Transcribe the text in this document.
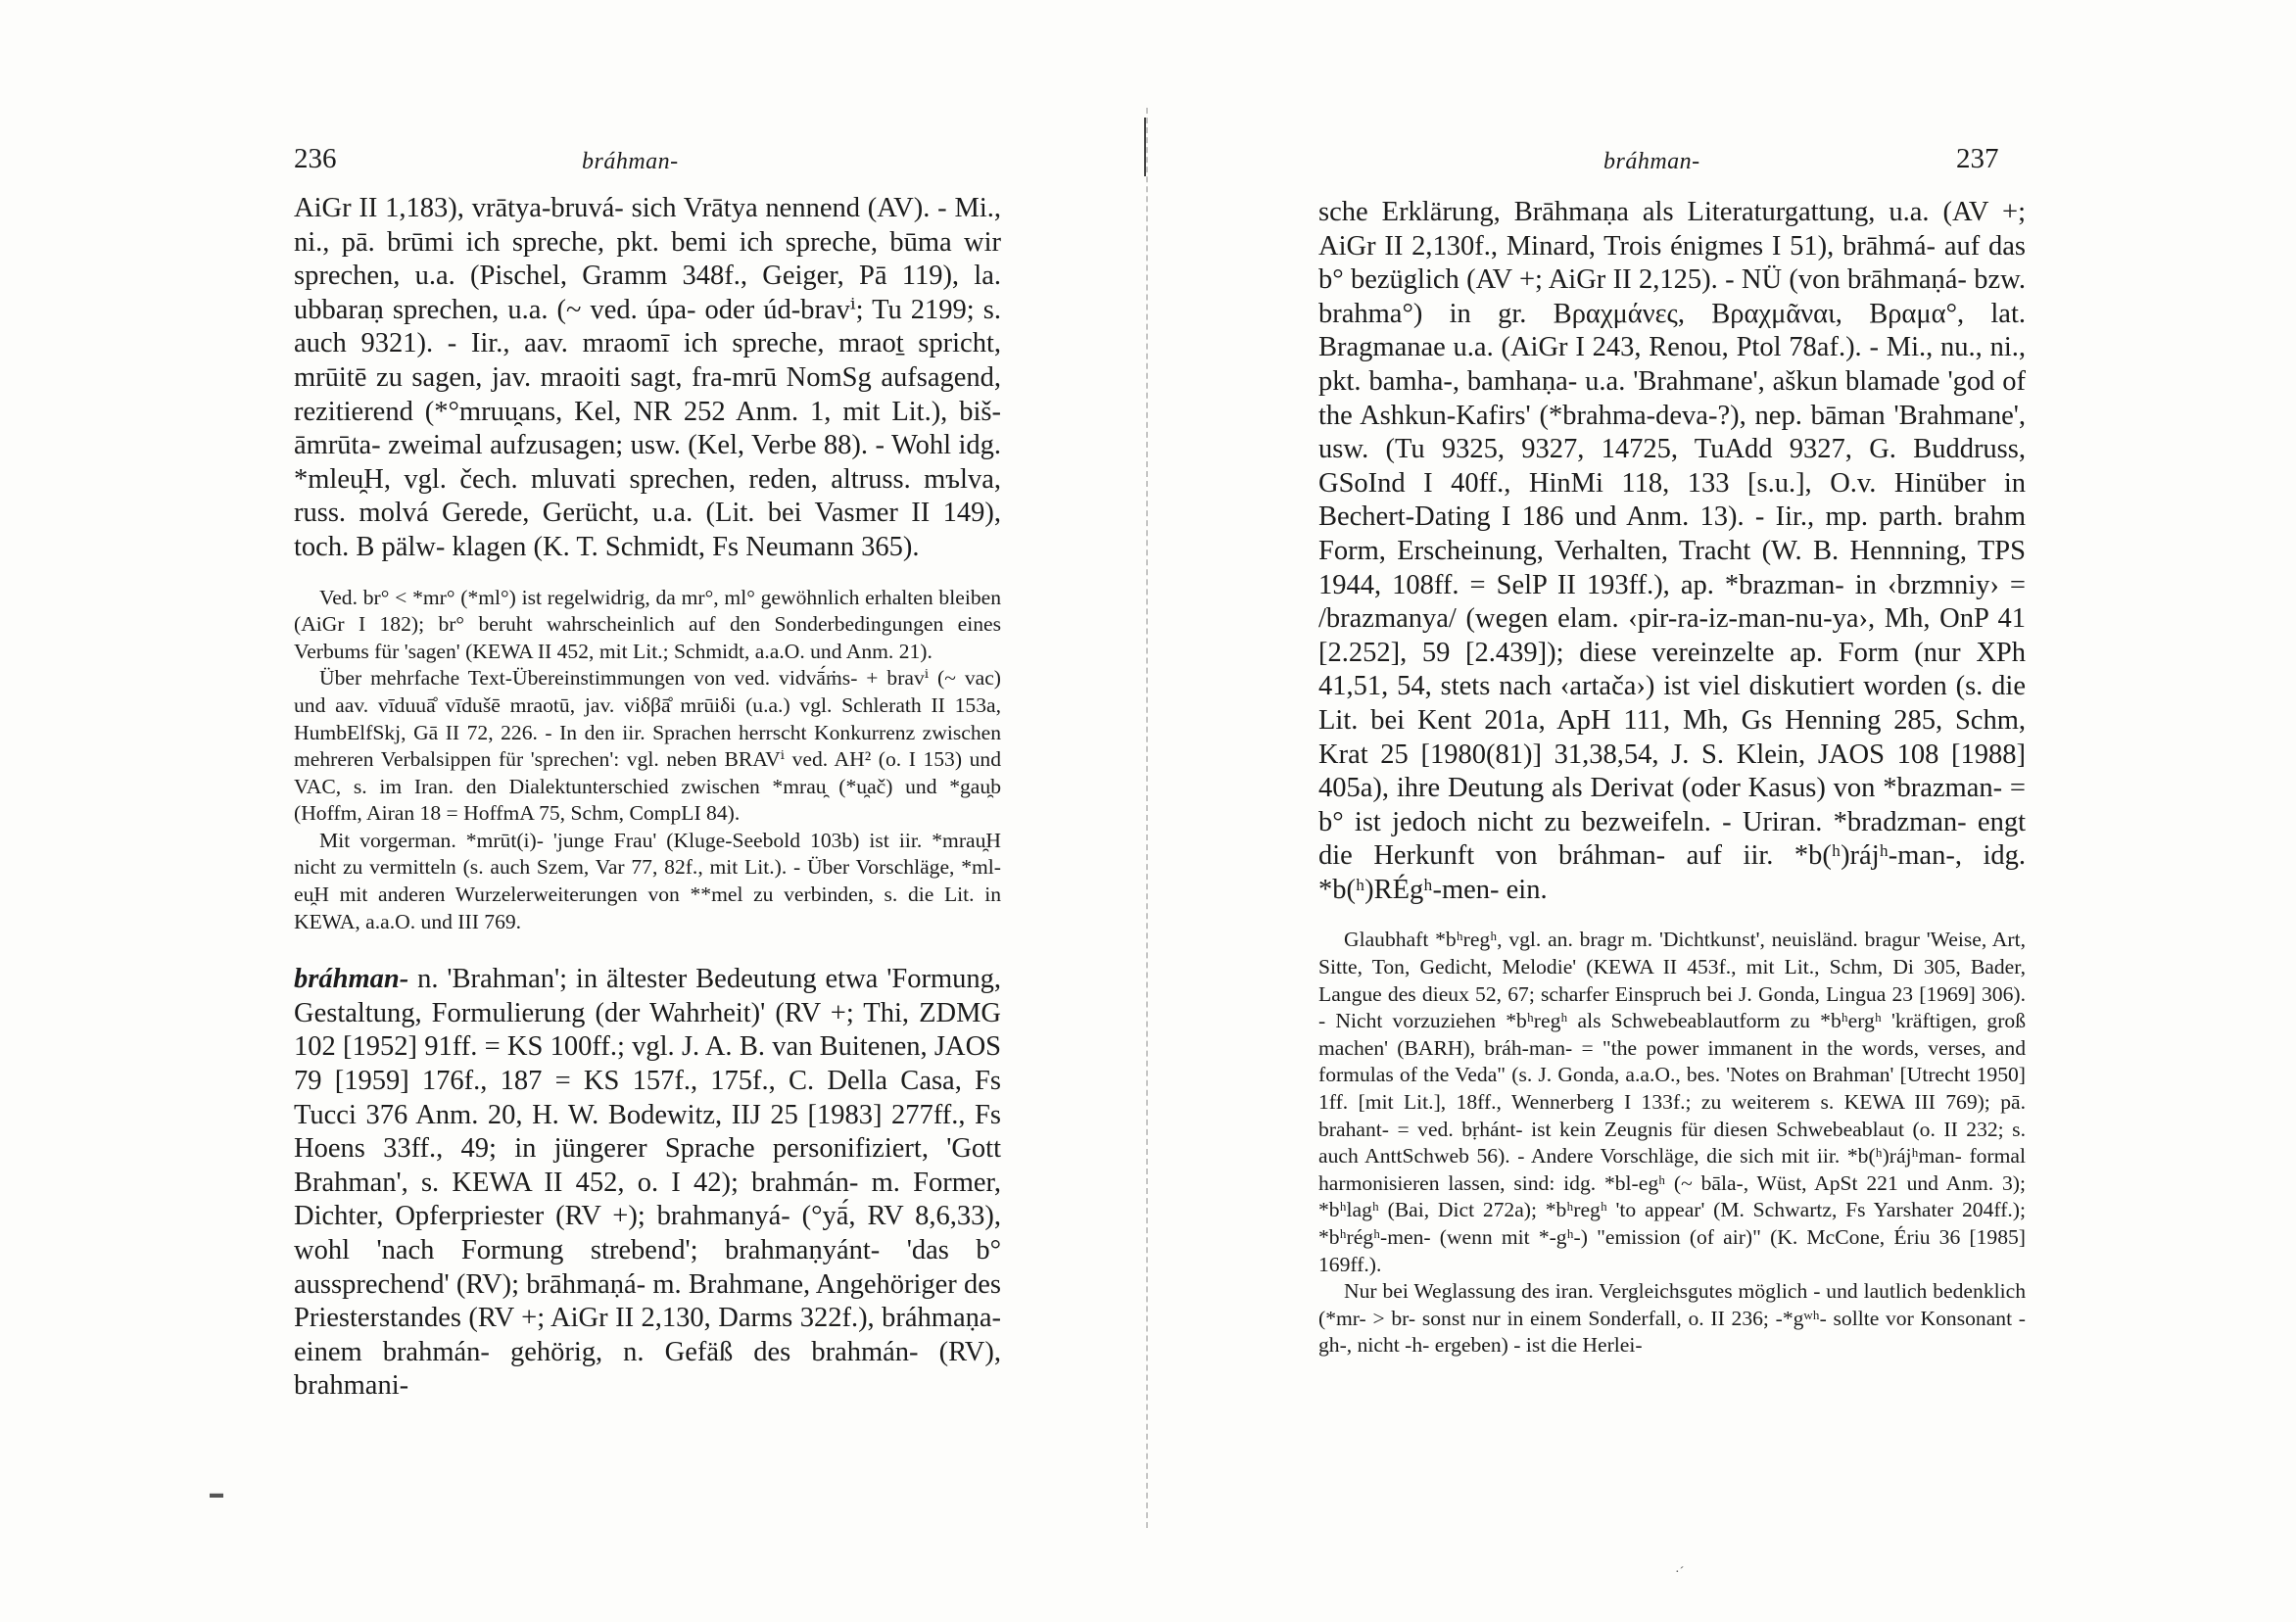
236	bráhman-

AiGr II 1,183), vrātya-bruvá- sich Vrātya nennend (AV). - Mi., ni., pā. brūmi ich spreche, pkt. bemi ich spreche, būma wir sprechen, u.a. (Pischel, Gramm 348f., Geiger, Pā 119), la. ubbaraṇ sprechen, u.a. (~ ved. úpa- oder úd-bravⁱ; Tu 2199; s. auch 9321). - Iir., aav. mraomī ich spreche, mraoṯ spricht, mrūitē zu sagen, jav. mraoiti sagt, fra-mrū NomSg aufsagend, rezitierend (*°mruu̯ans, Kel, NR 252 Anm. 1, mit Lit.), biš-āmrūta- zweimal aufzusagen; usw. (Kel, Verbe 88). - Wohl idg. *mleu̯H, vgl. čech. mluvati sprechen, reden, altruss. mъlva, russ. molvá Gerede, Gerücht, u.a. (Lit. bei Vasmer II 149), toch. B pälw- klagen (K. T. Schmidt, Fs Neumann 365).

Ved. br° < *mr° (*ml°) ist regelwidrig, da mr°, ml° gewöhnlich erhalten bleiben (AiGr I 182); br° beruht wahrscheinlich auf den Sonderbedingungen eines Verbums für 'sagen' (KEWA II 452, mit Lit.; Schmidt, a.a.O. und Anm. 21).

Über mehrfache Text-Übereinstimmungen von ved. vidvā́ṁs- + bravⁱ (~ vac) und aav. vīduuā̊ vīdušē mraotū, jav. viδβā̊ mrūiδi (u.a.) vgl. Schlerath II 153a, HumbElfSkj, Gā II 72, 226. - In den iir. Sprachen herrscht Konkurrenz zwischen mehreren Verbalsippen für 'sprechen': vgl. neben BRAVⁱ ved. AH² (o. I 153) und VAC, s. im Iran. den Dialektunterschied zwischen *mrau̯ (*u̯ač) und *gau̯b (Hoffm, Airan 18 = HoffmA 75, Schm, CompLI 84).

Mit vorgerman. *mrūt(i)- 'junge Frau' (Kluge-Seebold 103b) ist iir. *mrau̯H nicht zu vermitteln (s. auch Szem, Var 77, 82f., mit Lit.). - Über Vorschläge, *ml-eu̯H mit anderen Wurzelerweiterungen von **mel zu verbinden, s. die Lit. in KEWA, a.a.O. und III 769.

bráhman- n. 'Brahman'; in ältester Bedeutung etwa 'Formung, Gestaltung, Formulierung (der Wahrheit)' (RV +; Thi, ZDMG 102 [1952] 91ff. = KS 100ff.; vgl. J. A. B. van Buitenen, JAOS 79 [1959] 176f., 187 = KS 157f., 175f., C. Della Casa, Fs Tucci 376 Anm. 20, H. W. Bodewitz, IIJ 25 [1983] 277ff., Fs Hoens 33ff., 49; in jüngerer Sprache personifiziert, 'Gott Brahman', s. KEWA II 452, o. I 42); brahmán- m. Former, Dichter, Opferpriester (RV +); brahmanyá- (°yā́, RV 8,6,33), wohl 'nach Formung strebend'; brahmaṇyánt- 'das b° aussprechend' (RV); brāhmaṇá- m. Brahmane, Angehöriger des Priesterstandes (RV +; AiGr II 2,130, Darms 322f.), bráhmaṇa- einem brahmán- gehörig, n. Gefäß des brahmán- (RV), brahmani-

▬
bráhman-	237

sche Erklärung, Brāhmaṇa als Literaturgattung, u.a. (AV +; AiGr II 2,130f., Minard, Trois énigmes I 51), brāhmá- auf das b° bezüglich (AV +; AiGr II 2,125). - NÜ (von brāhmaṇá- bzw. brahma°) in gr. Βραχμάνες, Βραχμᾶναι, Βραμα°, lat. Bragmanae u.a. (AiGr I 243, Renou, Ptol 78af.). - Mi., nu., ni., pkt. bamha-, bamhaṇa- u.a. 'Brahmane', aškun blamade 'god of the Ashkun-Kafirs' (*brahma-deva-?), nep. bāman 'Brahmane', usw. (Tu 9325, 9327, 14725, TuAdd 9327, G. Buddruss, GSoInd I 40ff., HinMi 118, 133 [s.u.], O.v. Hinüber in Bechert-Dating I 186 und Anm. 13). - Iir., mp. parth. brahm Form, Erscheinung, Verhalten, Tracht (W. B. Hennning, TPS 1944, 108ff. = SelP II 193ff.), ap. *brazman- in ‹brzmniy› = /brazmanya/ (wegen elam. ‹pir-ra-iz-man-nu-ya›, Mh, OnP 41 [2.252], 59 [2.439]); diese vereinzelte ap. Form (nur XPh 41,51, 54, stets nach ‹artača›) ist viel diskutiert worden (s. die Lit. bei Kent 201a, ApH 111, Mh, Gs Henning 285, Schm, Krat 25 [1980(81)] 31,38,54, J. S. Klein, JAOS 108 [1988] 405a), ihre Deutung als Derivat (oder Kasus) von *brazman- = b° ist jedoch nicht zu bezweifeln. - Uriran. *bradzman- engt die Herkunft von bráhman- auf iir. *b(ʰ)rájʰ-man-, idg. *b(ʰ)RÉgʰ-men- ein.

Glaubhaft *bʰregʰ, vgl. an. bragr m. 'Dichtkunst', neuisländ. bragur 'Weise, Art, Sitte, Ton, Gedicht, Melodie' (KEWA II 453f., mit Lit., Schm, Di 305, Bader, Langue des dieux 52, 67; scharfer Einspruch bei J. Gonda, Lingua 23 [1969] 306). - Nicht vorzuziehen *bʰregʰ als Schwebeablautform zu *bʰergʰ 'kräftigen, groß machen' (BARH), bráh-man- = "the power immanent in the words, verses, and formulas of the Veda" (s. J. Gonda, a.a.O., bes. 'Notes on Brahman' [Utrecht 1950] 1ff. [mit Lit.], 18ff., Wennerberg I 133f.; zu weiterem s. KEWA III 769); pā. brahant- = ved. bṛhánt- ist kein Zeugnis für diesen Schwebeablaut (o. II 232; s. auch AnttSchweb 56). - Andere Vorschläge, die sich mit iir. *b(ʰ)rájʰman- formal harmonisieren lassen, sind: idg. *bl-egʰ (~ bāla-, Wüst, ApSt 221 und Anm. 3); *bʰlagʰ (Bai, Dict 272a); *bʰregʰ 'to appear' (M. Schwartz, Fs Yarshater 204ff.); *bʰrégʰ-men- (wenn mit *-gʰ-) "emission (of air)" (K. McCone, Ériu 36 [1985] 169ff.).

Nur bei Weglassung des iran. Vergleichsgutes möglich - und lautlich bedenklich (*mr- > br- sonst nur in einem Sonderfall, o. II 236; -*gʷʰ- sollte vor Konsonant -gh-, nicht -h- ergeben) - ist die Herlei-

·ˊ
